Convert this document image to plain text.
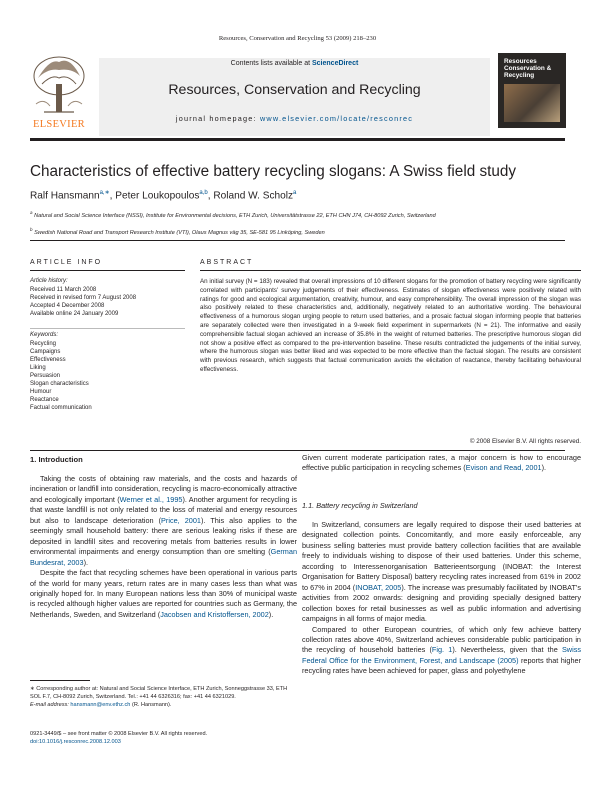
Resources, Conservation and Recycling 53 (2009) 218–230
ELSEVIER
Contents lists available at ScienceDirect
Resources, Conservation and Recycling
journal homepage: www.elsevier.com/locate/resconrec
Resources Conservation & Recycling
Characteristics of effective battery recycling slogans: A Swiss field study
Ralf Hansmann$^{a,∗}$, Peter Loukopoulos$^{a,b}$, Roland W. Scholz$^a$
$^a$ Natural and Social Science Interface (NSSI), Institute for Environmental decisions, ETH Zurich, Universitätstrasse 22, ETH CHN J74, CH-8092 Zurich, Switzerland
$^b$ Swedish National Road and Transport Research Institute (VTI), Olaus Magnus väg 35, SE-581 95 Linköping, Sweden
ARTICLE INFO
Article history:
Received 11 March 2008
Received in revised form 7 August 2008
Accepted 4 December 2008
Available online 24 January 2009
Keywords:
Recycling
Campaigns
Effectiveness
Liking
Persuasion
Slogan characteristics
Humour
Reactance
Factual communication
ABSTRACT
An initial survey (N = 183) revealed that overall impressions of 10 different slogans for the promotion of battery recycling were significantly correlated with participants' survey judgements of their effectiveness. Estimates of slogan effectiveness were positively related with ratings for good and ecological argumentation, creativity, humour, and easy comprehensibility. The overall impression of the slogan was also positively related to these characteristics and, additionally, negatively related to an authoritative wording. The behavioural effectiveness of a humorous slogan urging people to return used batteries, and a prosaic factual slogan informing people that batteries are separately collected were then investigated in a 9-week field experiment in supermarkets (N = 21). The informative and easily comprehensible factual slogan achieved an increase of 35.8% in the weight of returned batteries. The prescriptive humorous slogan did not show a positive effect as compared to the pre-intervention baseline. These results contradicted the judgements of the initial survey, where the humorous slogan was better liked and was expected to be more effective than the factual slogan. The results are consistent with previous research, which suggests that factual communication avoids the elicitation of reactance, thereby facilitating behavioural effectiveness.
© 2008 Elsevier B.V. All rights reserved.
1. Introduction

Taking the costs of obtaining raw materials, and the costs and hazards of incineration or landfill into consideration, recycling is macro-economically attractive and ecologically important (Werner et al., 1995). Another argument for recycling is that waste landfill is not only related to the loss of material and energy resources but also to landscape deterioration (Price, 2001). This also applies to the seemingly small household battery: there are serious leaking risks if these are deposited in landfill sites and recovering metals from batteries results in lower environmental impairments and energy consumption than ore smelting (German Bundesrat, 2003).

Despite the fact that recycling schemes have been operational in various parts of the world for many years, return rates are in many cases less than what was originally hoped for. In many European nations less than 30% of municipal waste is recycled although higher values are reported for countries such as Germany, the Netherlands, Sweden, and Switzerland (Jacobsen and Kristoffersen, 2002).

Given current moderate participation rates, a major concern is how to encourage effective public participation in recycling schemes (Evison and Read, 2001).

1.1. Battery recycling in Switzerland

In Switzerland, consumers are legally required to dispose their used batteries at designated collection points. Concomitantly, and more easily enforceable, any business selling batteries must provide battery collection facilities that are available freely to individuals wishing to dispose of their used batteries. Under this scheme, according to Interessenorganisation Batterieentsorgung (INOBAT: the Interest Organisation for Battery Disposal) battery recycling rates increased from 61% in 2002 to 67% in 2004 (INOBAT, 2005). The increase was presumably facilitated by INOBAT's activities from 2002 onwards: designing and providing specially designed battery collection boxes for retail businesses as well as public information and advertising campaigns in all forms of major media.

Compared to other European countries, of which only few achieve battery collection rates above 40%, Switzerland achieves considerable public participation in the recycling of household batteries (Fig. 1). Nevertheless, given that the Swiss Federal Office for the Environment, Forest, and Landscape (2005) reports that higher recycling rates have been achieved for paper, glass and polyethylene

∗ Corresponding author at: Natural and Social Science Interface, ETH Zurich, Sonneggstrasse 33, ETH SOL F.7, CH-8092 Zurich, Switzerland. Tel.: +41 44 6326316; fax: +41 44 6321029.
E-mail address: hansmann@env.ethz.ch (R. Hansmann).
0921-3449/$ – see front matter © 2008 Elsevier B.V. All rights reserved.
doi:10.1016/j.resconrec.2008.12.003
